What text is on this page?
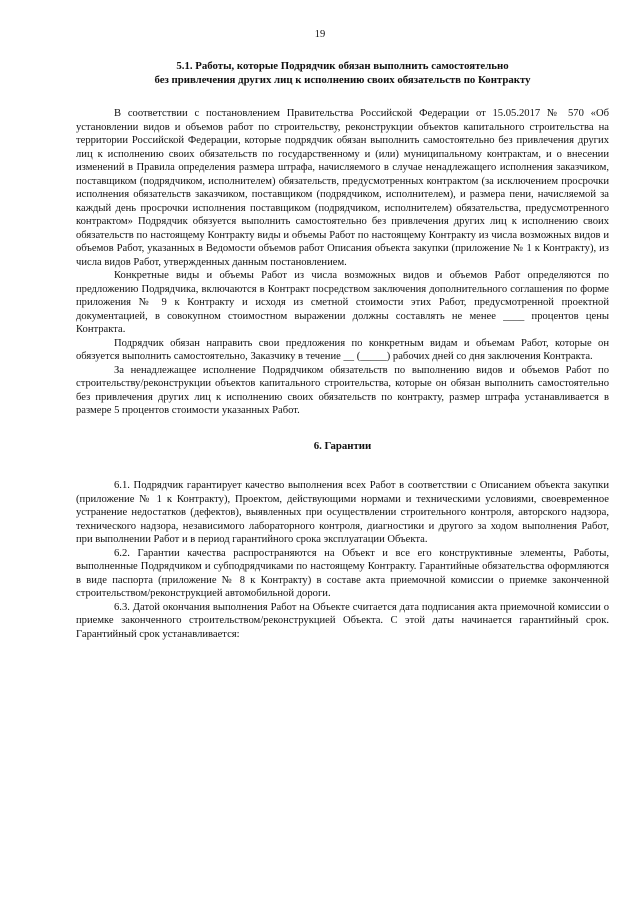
19
5.1. Работы, которые Подрядчик обязан выполнить самостоятельно
без привлечения других лиц к исполнению своих обязательств по Контракту

В соответствии с постановлением Правительства Российской Федерации от 15.05.2017 № 570 «Об установлении видов и объемов работ по строительству, реконструкции объектов капитального строительства на территории Российской Федерации, которые подрядчик обязан выполнить самостоятельно без привлечения других лиц к исполнению своих обязательств по государственному и (или) муниципальному контрактам, и о внесении изменений в Правила определения размера штрафа, начисляемого в случае ненадлежащего исполнения заказчиком, поставщиком (подрядчиком, исполнителем) обязательств, предусмотренных контрактом (за исключением просрочки исполнения обязательств заказчиком, поставщиком (подрядчиком, исполнителем), и размера пени, начисляемой за каждый день просрочки исполнения поставщиком (подрядчиком, исполнителем) обязательства, предусмотренного контрактом» Подрядчик обязуется выполнить самостоятельно без привлечения других лиц к исполнению своих обязательств по настоящему Контракту виды и объемы Работ по настоящему Контракту из числа возможных видов и объемов Работ, указанных в Ведомости объемов работ Описания объекта закупки (приложение № 1 к Контракту), из числа видов Работ, утвержденных данным постановлением.

Конкретные виды и объемы Работ из числа возможных видов и объемов Работ определяются по предложению Подрядчика, включаются в Контракт посредством заключения дополнительного соглашения по форме приложения № 9 к Контракту и исходя из сметной стоимости этих Работ, предусмотренной проектной документацией, в совокупном стоимостном выражении должны составлять не менее ____ процентов цены Контракта.

Подрядчик обязан направить свои предложения по конкретным видам и объемам Работ, которые он обязуется выполнить самостоятельно, Заказчику в течение __ (_____) рабочих дней со дня заключения Контракта.

За ненадлежащее исполнение Подрядчиком обязательств по выполнению видов и объемов Работ по строительству/реконструкции объектов капитального строительства, которые он обязан выполнить самостоятельно без привлечения других лиц к исполнению своих обязательств по контракту, размер штрафа устанавливается в размере 5 процентов стоимости указанных Работ.

6. Гарантии

6.1. Подрядчик гарантирует качество выполнения всех Работ в соответствии с Описанием объекта закупки (приложение № 1 к Контракту), Проектом, действующими нормами и техническими условиями, своевременное устранение недостатков (дефектов), выявленных при осуществлении строительного контроля, авторского надзора, технического надзора, независимого лабораторного контроля, диагностики и другого за ходом выполнения Работ, при выполнении Работ и в период гарантийного срока эксплуатации Объекта.

6.2. Гарантии качества распространяются на Объект и все его конструктивные элементы, Работы, выполненные Подрядчиком и субподрядчиками по настоящему Контракту. Гарантийные обязательства оформляются в виде паспорта (приложение № 8 к Контракту) в составе акта приемочной комиссии о приемке законченной строительством/реконструкцией автомобильной дороги.

6.3. Датой окончания выполнения Работ на Объекте считается дата подписания акта приемочной комиссии о приемке законченного строительством/реконструкцией Объекта. С этой даты начинается гарантийный срок. Гарантийный срок устанавливается:
